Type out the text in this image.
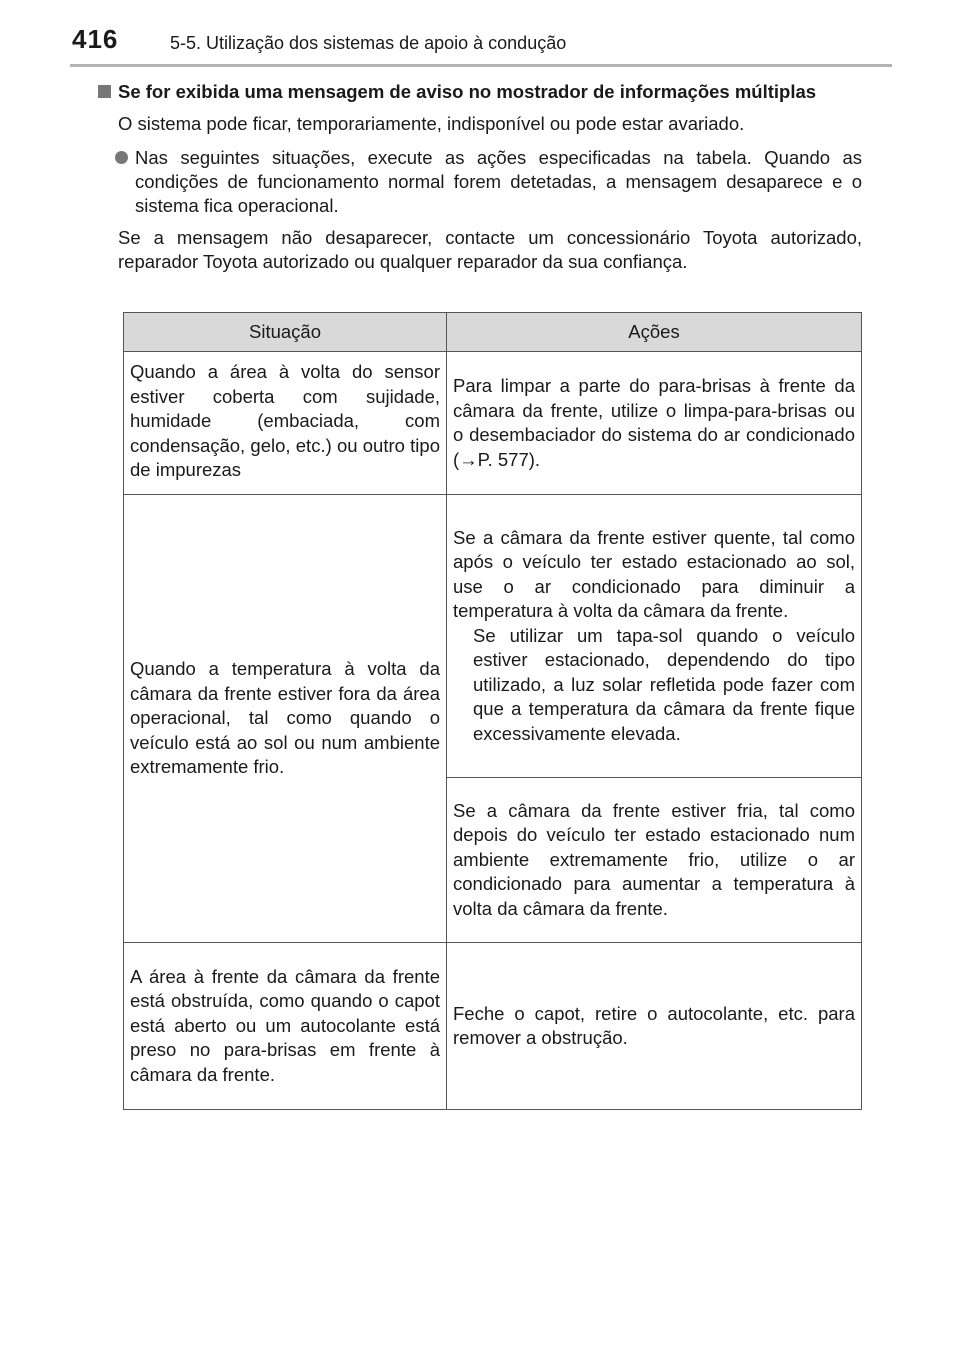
416	5-5. Utilização dos sistemas de apoio à condução
Se for exibida uma mensagem de aviso no mostrador de informações múltiplas
O sistema pode ficar, temporariamente, indisponível ou pode estar avariado.
Nas seguintes situações, execute as ações especificadas na tabela. Quando as condições de funcionamento normal forem detetadas, a mensagem desaparece e o sistema fica operacional.
Se a mensagem não desaparecer, contacte um concessionário Toyota autorizado, reparador Toyota autorizado ou qualquer reparador da sua confiança.
Situação	Ações
Quando a área à volta do sensor estiver coberta com sujidade, humidade (embaciada, com condensação, gelo, etc.) ou outro tipo de impurezas	Para limpar a parte do para-brisas à frente da câmara da frente, utilize o limpa-para-brisas ou o desembaciador do sistema do ar condicionado (→P. 577).
Quando a temperatura à volta da câmara da frente estiver fora da área operacional, tal como quando o veículo está ao sol ou num ambiente extremamente frio.	Se a câmara da frente estiver quente, tal como após o veículo ter estado estacionado ao sol, use o ar condicionado para diminuir a temperatura à volta da câmara da frente.
Se utilizar um tapa-sol quando o veículo estiver estacionado, dependendo do tipo utilizado, a luz solar refletida pode fazer com que a temperatura da câmara da frente fique excessivamente elevada.

	Se a câmara da frente estiver fria, tal como depois do veículo ter estado estacionado num ambiente extremamente frio, utilize o ar condicionado para aumentar a temperatura à volta da câmara da frente.
A área à frente da câmara da frente está obstruída, como quando o capot está aberto ou um autocolante está preso no para-brisas em frente à câmara da frente.	Feche o capot, retire o autocolante, etc. para remover a obstrução.
